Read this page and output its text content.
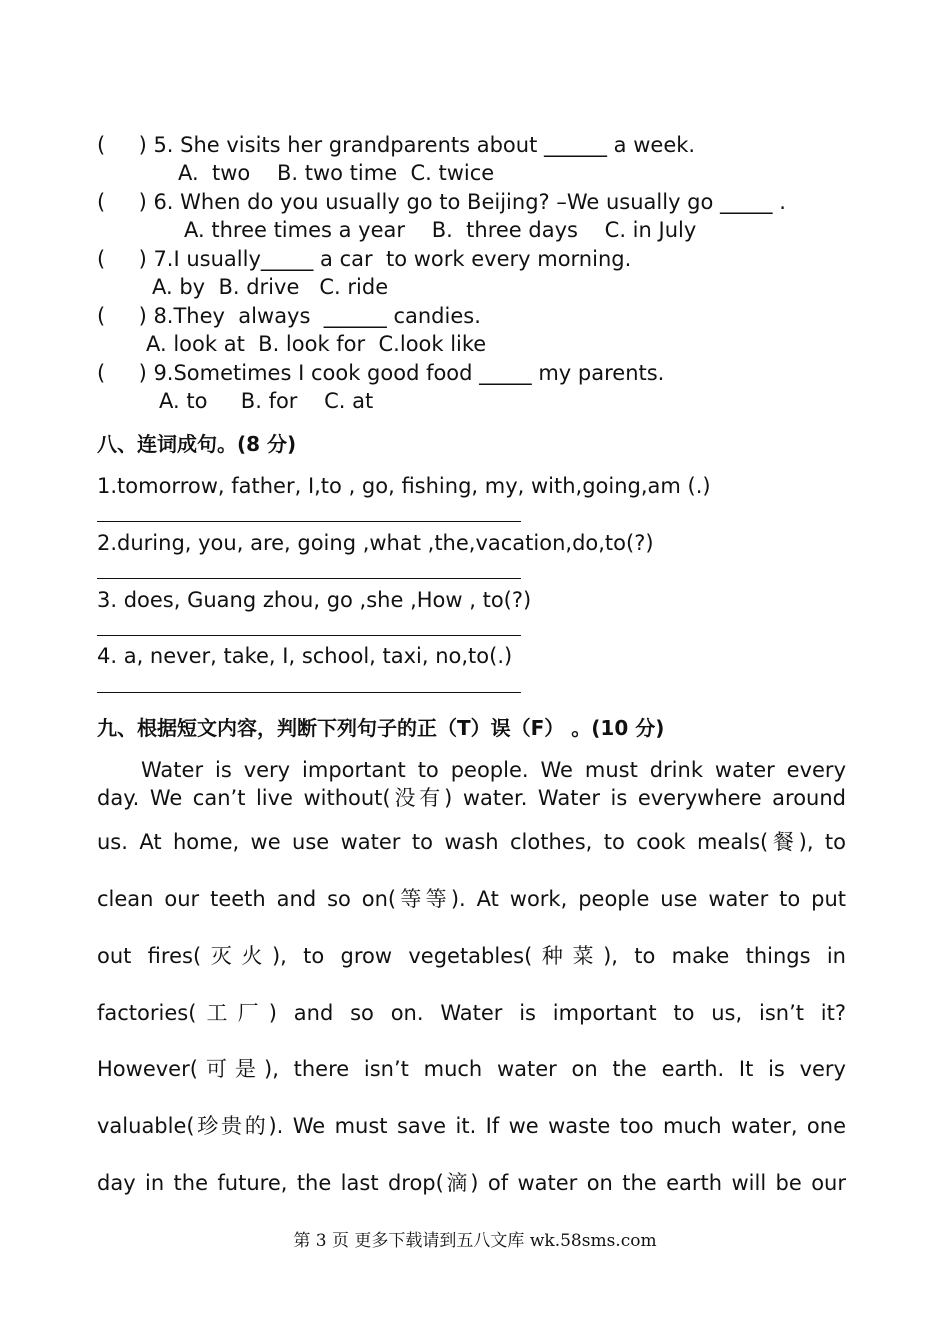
(     ) 5. She visits her grandparents about ______ a week.
A.  two    B. two time  C. twice
(     ) 6. When do you usually go to Beijing? –We usually go _____ .
A. three times a year    B.  three days    C. in July
(     ) 7.I usually_____ a car  to work every morning.
A. by  B. drive   C. ride
(     ) 8.They  always  ______ candies.
A. look at  B. look for  C.look like
(     ) 9.Sometimes I cook good food _____ my parents.
A. to     B. for    C. at
八、连词成句。(8 分)
1.tomorrow, father, I,to , go, fishing, my, with,going,am (.)
2.during, you, are, going ,what ,the,vacation,do,to(?)
3. does, Guang zhou, go ,she ,How , to(?)
4. a, never, take, I, school, taxi, no,to(.)
九、根据短文内容，判断下列句子的正（T）误（F） 。(10 分)
Water is very important to people. We must drink water every
day. We can’t live without(没有) water. Water is everywhere around
us. At home, we use water to wash clothes, to cook meals(餐), to
clean our teeth and so on(等等). At work, people use water to put
out fires(灭火), to grow vegetables(种菜), to make things in
factories(工厂) and so on. Water is important to us, isn’t it?
However(可是), there isn’t much water on the earth. It is very
valuable(珍贵的). We must save it. If we waste too much water, one
day in the future, the last drop(滴) of water on the earth will be our
第 3 页 更多下载请到五八文库 wk.58sms.com
